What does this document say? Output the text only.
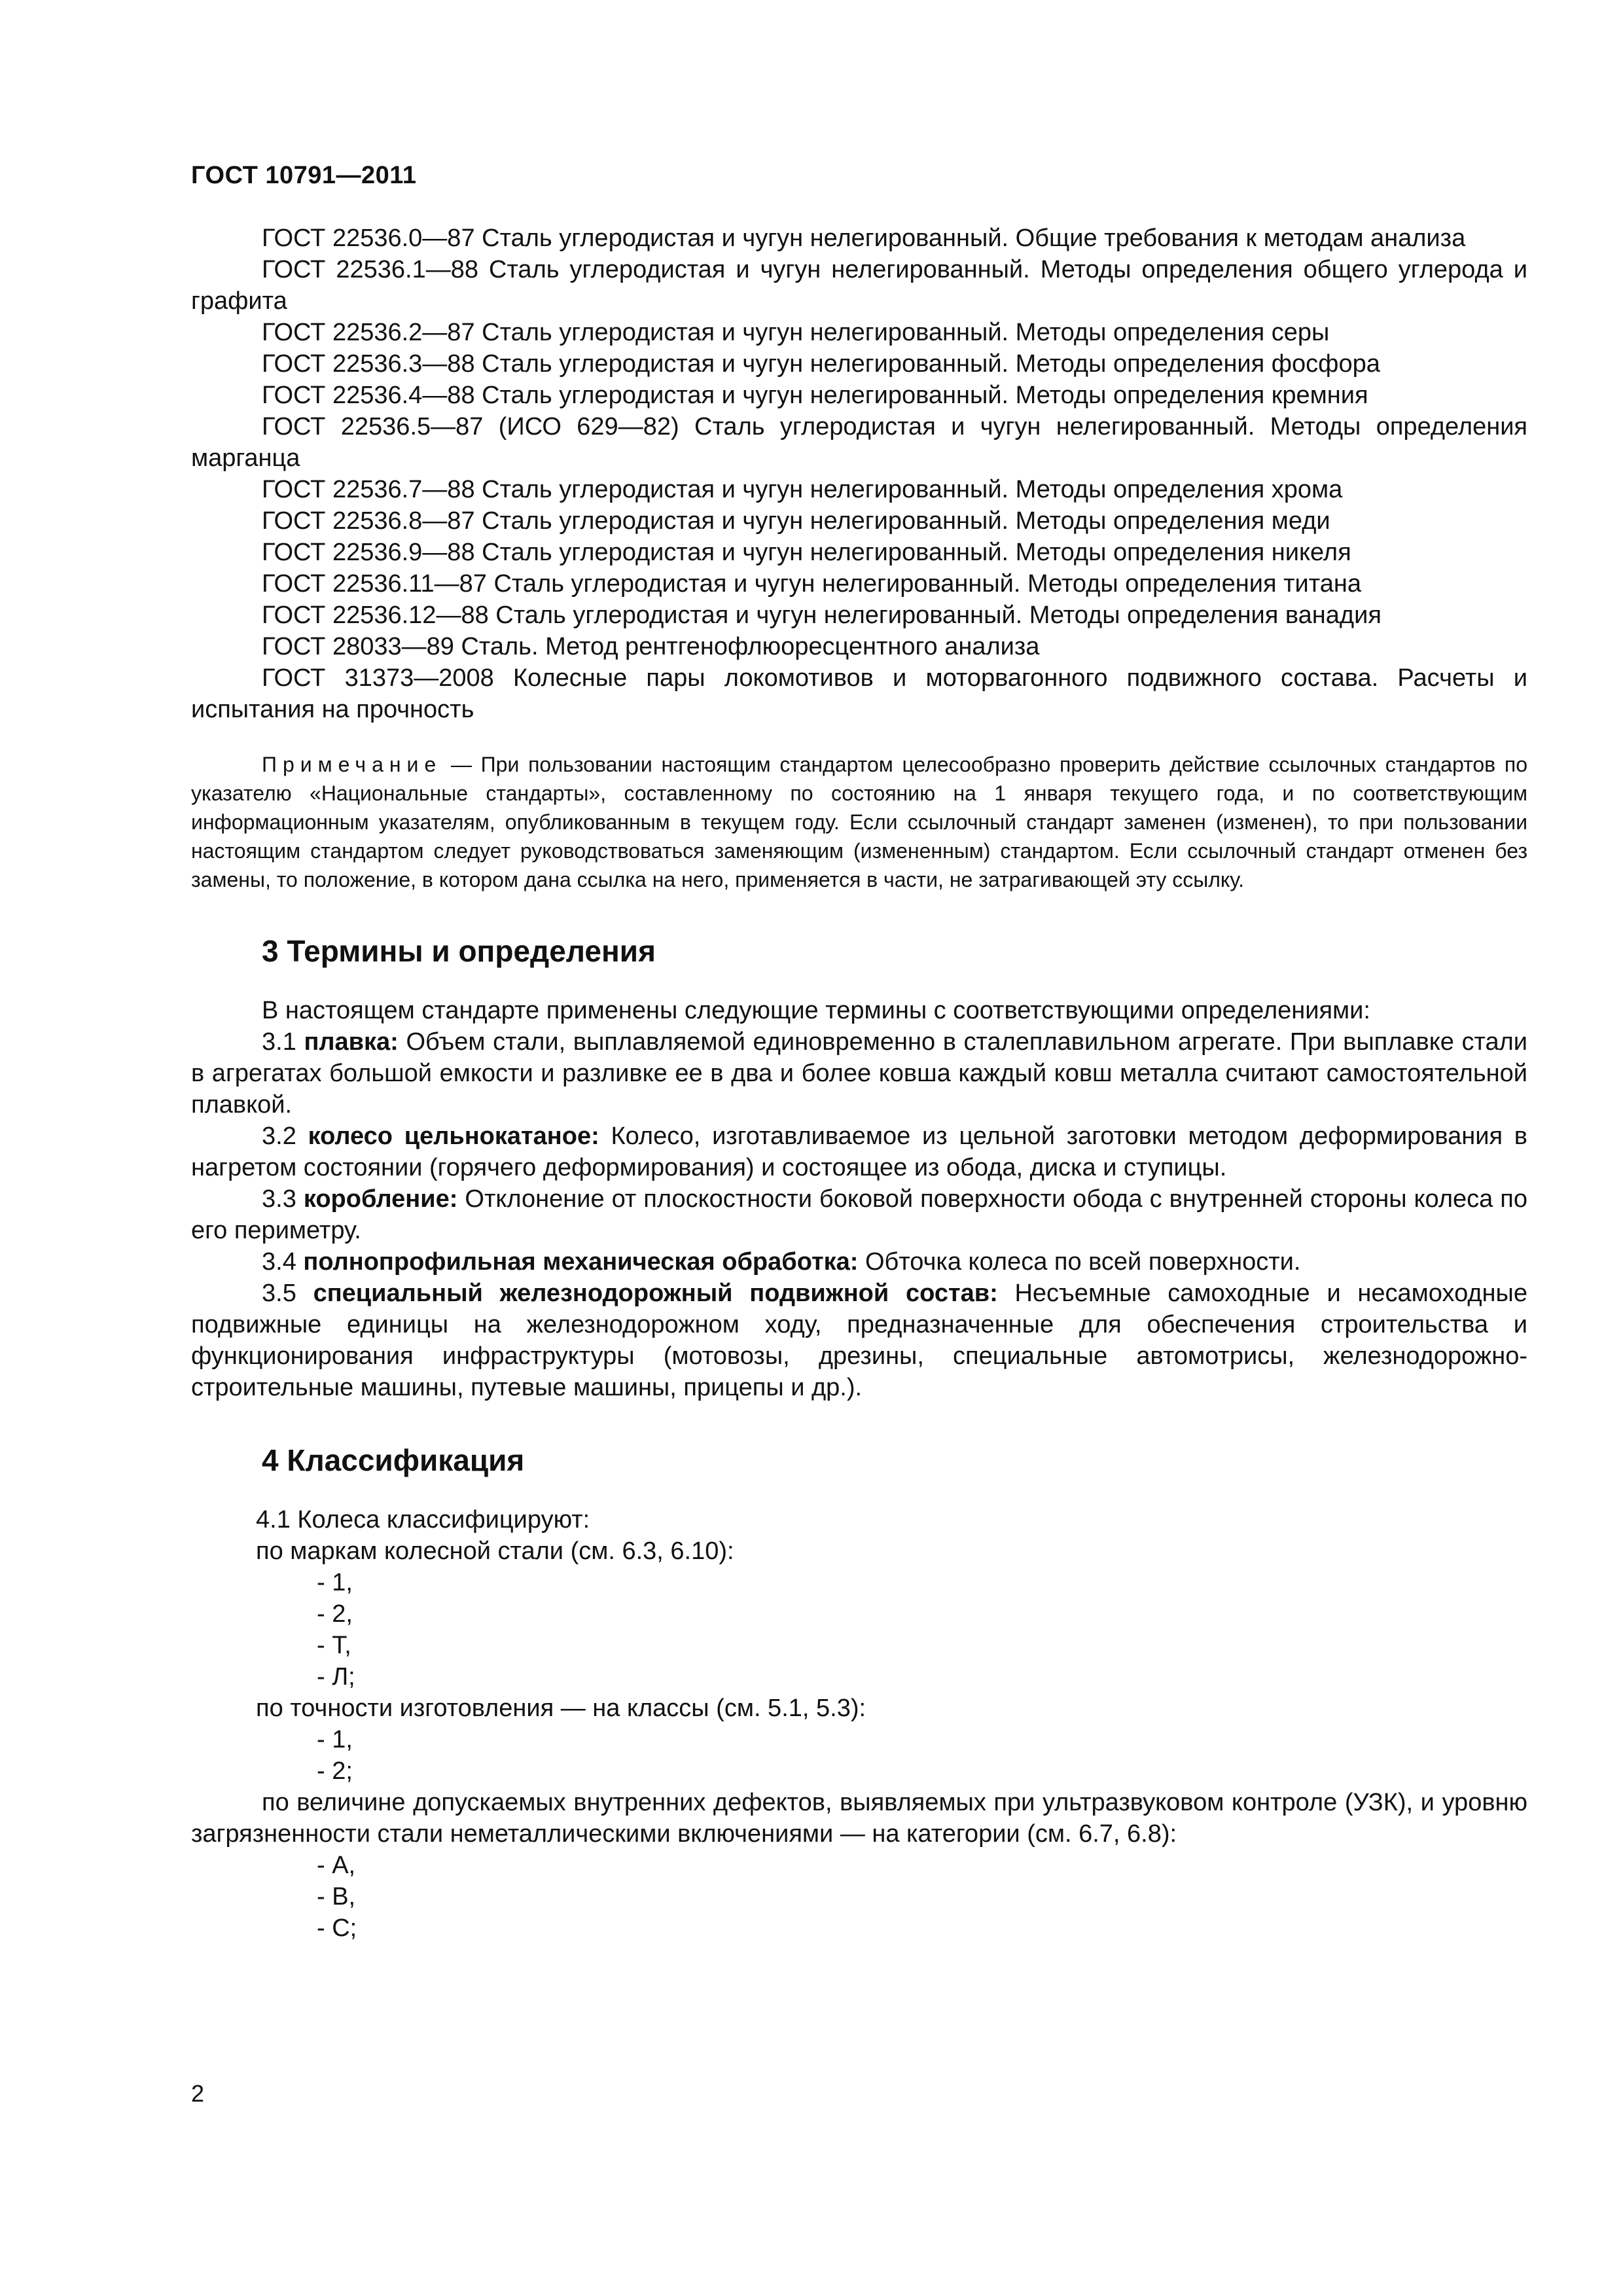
ГОСТ 10791—2011

ГОСТ 22536.0—87 Сталь углеродистая и чугун нелегированный. Общие требования к методам анализа

ГОСТ 22536.1—88 Сталь углеродистая и чугун нелегированный. Методы определения общего углерода и графита

ГОСТ 22536.2—87 Сталь углеродистая и чугун нелегированный. Методы определения серы

ГОСТ 22536.3—88 Сталь углеродистая и чугун нелегированный. Методы определения фосфора

ГОСТ 22536.4—88 Сталь углеродистая и чугун нелегированный. Методы определения кремния

ГОСТ 22536.5—87 (ИСО 629—82) Сталь углеродистая и чугун нелегированный. Методы определения марганца

ГОСТ 22536.7—88 Сталь углеродистая и чугун нелегированный. Методы определения хрома

ГОСТ 22536.8—87 Сталь углеродистая и чугун нелегированный. Методы определения меди

ГОСТ 22536.9—88 Сталь углеродистая и чугун нелегированный. Методы определения никеля

ГОСТ 22536.11—87 Сталь углеродистая и чугун нелегированный. Методы определения титана

ГОСТ 22536.12—88 Сталь углеродистая и чугун нелегированный. Методы определения ванадия

ГОСТ 28033—89 Сталь. Метод рентгенофлюоресцентного анализа

ГОСТ 31373—2008 Колесные пары локомотивов и моторвагонного подвижного состава. Расчеты и испытания на прочность

Примечание — При пользовании настоящим стандартом целесообразно проверить действие ссылочных стандартов по указателю «Национальные стандарты», составленному по состоянию на 1 января текущего года, и по соответствующим информационным указателям, опубликованным в текущем году. Если ссылочный стандарт заменен (изменен), то при пользовании настоящим стандартом следует руководствоваться заменяющим (измененным) стандартом. Если ссылочный стандарт отменен без замены, то положение, в котором дана ссылка на него, применяется в части, не затрагивающей эту ссылку.

3 Термины и определения

В настоящем стандарте применены следующие термины с соответствующими определениями:

3.1 плавка: Объем стали, выплавляемой единовременно в сталеплавильном агрегате. При выплавке стали в агрегатах большой емкости и разливке ее в два и более ковша каждый ковш металла считают самостоятельной плавкой.

3.2 колесо цельнокатаное: Колесо, изготавливаемое из цельной заготовки методом деформирования в нагретом состоянии (горячего деформирования) и состоящее из обода, диска и ступицы.

3.3 коробление: Отклонение от плоскостности боковой поверхности обода с внутренней стороны колеса по его периметру.

3.4 полнопрофильная механическая обработка: Обточка колеса по всей поверхности.

3.5 специальный железнодорожный подвижной состав: Несъемные самоходные и несамоходные подвижные единицы на железнодорожном ходу, предназначенные для обеспечения строительства и функционирования инфраструктуры (мотовозы, дрезины, специальные автомотрисы, железнодорожно-строительные машины, путевые машины, прицепы и др.).

4 Классификация

4.1 Колеса классифицируют:

по маркам колесной стали (см. 6.3, 6.10):

- 1,

- 2,

- Т,

- Л;

по точности изготовления — на классы (см. 5.1, 5.3):

- 1,

- 2;

по величине допускаемых внутренних дефектов, выявляемых при ультразвуковом контроле (УЗК), и уровню загрязненности стали неметаллическими включениями — на категории (см. 6.7, 6.8):

- А,

- В,

- С;

2
